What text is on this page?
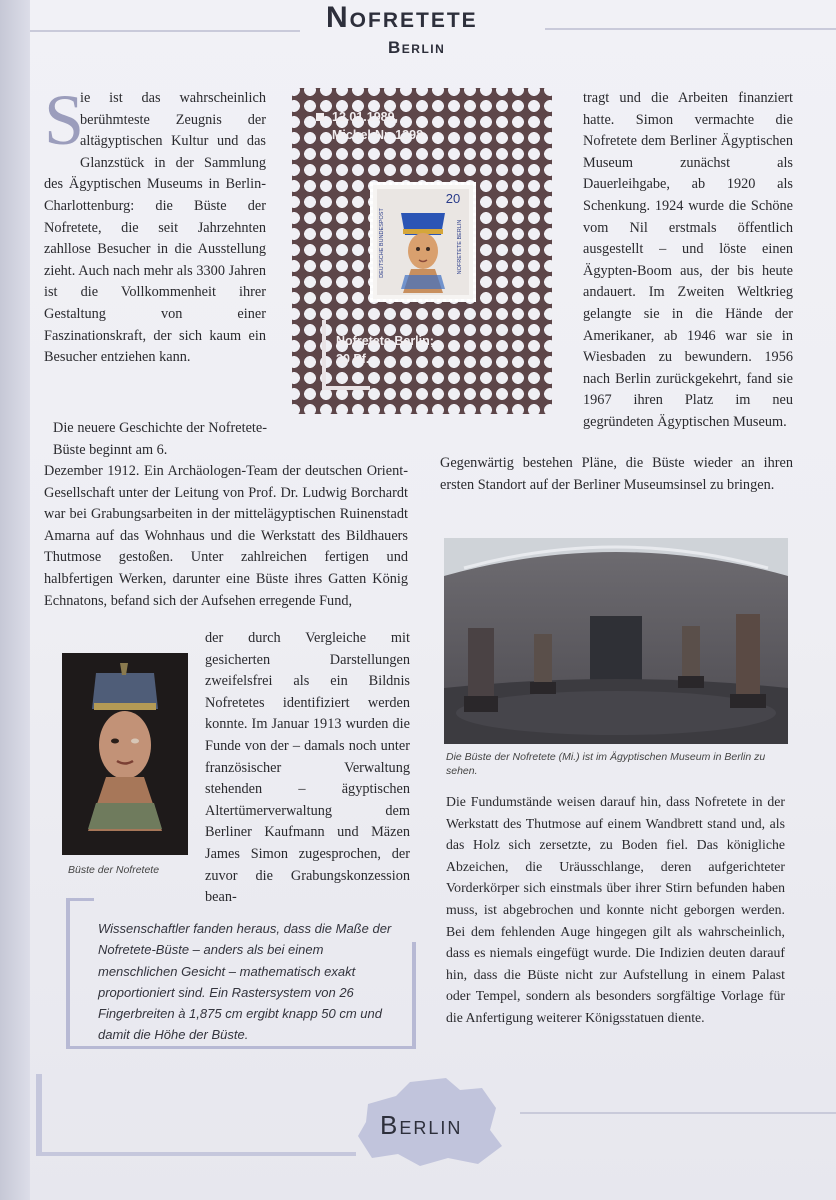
Nofretete
Berlin
S

ie ist das wahrscheinlich berühmteste Zeugnis der altägyptischen Kultur und das Glanzstück in der Sammlung des Ägyptischen Museums in Berlin-Charlottenburg: die Büste der Nofretete, die seit Jahrzehnten zahllose Besucher in die Ausstellung zieht. Auch nach mehr als 3300 Jahren ist die Vollkommenheit ihrer Gestaltung von einer Faszinationskraft, der sich kaum ein Besucher entziehen kann.

12.01.1989,
Michel-Nr. 1398
DEUTSCHE BUNDESPOST	NOFRETETE BERLIN
20
Nofretete Berlin;
20 Pf.

tragt und die Arbeiten finanziert hatte. Simon vermachte die Nofretete dem Berliner Ägyptischen Museum zunächst als Dauerleihgabe, ab 1920 als Schenkung. 1924 wurde die Schöne vom Nil erstmals öffentlich ausgestellt – und löste einen Ägypten-Boom aus, der bis heute andauert. Im Zweiten Weltkrieg gelangte sie in die Hände der Amerikaner, ab 1946 war sie in Wiesbaden zu bewundern. 1956 nach Berlin zurückgekehrt, fand sie 1967 ihren Platz im neu gegründeten Ägyptischen Museum.

Die neuere Geschichte der Nofretete-Büste beginnt am 6.

Gegenwärtig bestehen Pläne, die Büste wieder an ihren ersten Standort auf der Berliner Museumsinsel zu bringen.

Dezember 1912. Ein Archäologen-Team der deutschen Orient-Gesellschaft unter der Leitung von Prof. Dr. Ludwig Borchardt war bei Grabungsarbeiten in der mittelägyptischen Ruinenstadt Amarna auf das Wohnhaus und die Werkstatt des Bildhauers Thutmose gestoßen. Unter zahlreichen fertigen und halbfertigen Werken, darunter eine Büste ihres Gatten König Echnatons, befand sich der Aufsehen erregende Fund,

der durch Vergleiche mit gesicherten Darstellungen zweifelsfrei als ein Bildnis Nofretetes identifiziert werden konnte. Im Januar 1913 wurden die Funde von der – damals noch unter französischer Verwaltung stehenden – ägyptischen Altertümerverwaltung dem Berliner Kaufmann und Mäzen James Simon zugesprochen, der zuvor die Grabungskonzession bean-

Büste der Nofretete
Die Büste der Nofretete (Mi.) ist im Ägyptischen Museum in Berlin zu sehen.

Die Fundumstände weisen darauf hin, dass Nofretete in der Werkstatt des Thutmose auf einem Wandbrett stand und, als das Holz sich zersetzte, zu Boden fiel. Das königliche Abzeichen, die Uräusschlange, deren aufgerichteter Vorderkörper sich einstmals über ihrer Stirn befunden haben muss, ist abgebrochen und konnte nicht geborgen werden. Bei dem fehlenden Auge hingegen gilt als wahrscheinlich, dass es niemals eingefügt wurde. Die Indizien deuten darauf hin, dass die Büste nicht zur Aufstellung in einem Palast oder Tempel, sondern als besonders sorgfältige Vorlage für die Anfertigung weiterer Königsstatuen diente.

Wissenschaftler fanden heraus, dass die Maße der Nofretete-Büste – anders als bei einem menschlichen Gesicht – mathematisch exakt proportioniert sind. Ein Rastersystem von 26 Fingerbreiten à 1,875 cm ergibt knapp 50 cm und damit die Höhe der Büste.

Berlin
